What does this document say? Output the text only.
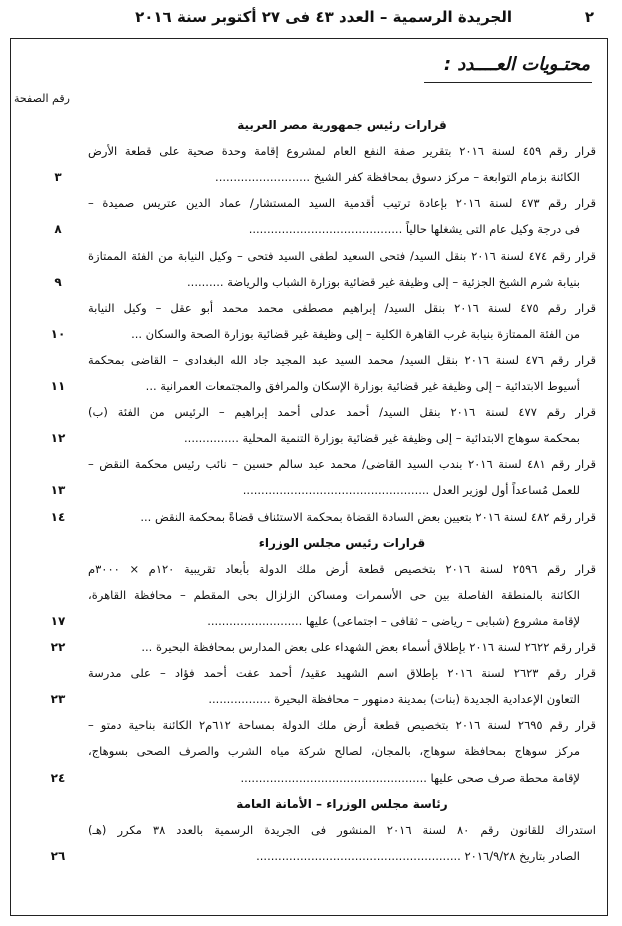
٢
الجريدة الرسمية – العدد ٤٣ فى ٢٧ أكتوبر سنة ٢٠١٦
محتـويات العــــدد :
رقم الصفحة
قرارات رئيس جمهورية مصر العربية
قرار رقم ٤٥٩ لسنة ٢٠١٦ بتقرير صفة النفع العام لمشروع إقامة وحدة صحية على قطعة الأرض
الكائنة بزمام التوابعة – مركز دسوق بمحافظة كفر الشيخ ..........................
٣
قرار رقم ٤٧٣ لسنة ٢٠١٦ بإعادة ترتيب أقدمية السيد المستشار/ عماد الدين عتريس صميدة –
فى درجة وكيل عام التى يشغلها حالياً ..........................................
٨
قرار رقم ٤٧٤ لسنة ٢٠١٦ بنقل السيد/ فتحى السعيد لطفى السيد فتحى – وكيل النيابة من الفئة الممتازة
بنيابة شرم الشيخ الجزئية – إلى وظيفة غير قضائية بوزارة الشباب والرياضة ..........
٩
قرار رقم ٤٧٥ لسنة ٢٠١٦ بنقل السيد/ إبراهيم مصطفى محمد محمد أبو عقل – وكيل النيابة
من الفئة الممتازة بنيابة غرب القاهرة الكلية – إلى وظيفة غير قضائية بوزارة الصحة والسكان ...
١٠
قرار رقم ٤٧٦ لسنة ٢٠١٦ بنقل السيد/ محمد السيد عبد المجيد جاد الله البغدادى – القاضى بمحكمة
أسيوط الابتدائية – إلى وظيفة غير قضائية بوزارة الإسكان والمرافق والمجتمعات العمرانية ...
١١
قرار رقم ٤٧٧ لسنة ٢٠١٦ بنقل السيد/ أحمد عدلى أحمد إبراهيم – الرئيس من الفئة (ب)
بمحكمة سوهاج الابتدائية – إلى وظيفة غير قضائية بوزارة التنمية المحلية ...............
١٢
قرار رقم ٤٨١ لسنة ٢٠١٦ بندب السيد القاضى/ محمد عبد سالم حسين – نائب رئيس محكمة النقض –
للعمل مُساعداً أول لوزير العدل ...................................................
١٣
قرار رقم ٤٨٢ لسنة ٢٠١٦ بتعيين بعض السادة القضاة بمحكمة الاستئناف قضاةً بمحكمة النقض ...
١٤
قرارات رئيس مجلس الوزراء
قرار رقم ٢٥٩٦ لسنة ٢٠١٦ بتخصيص قطعة أرض ملك الدولة بأبعاد تقريبية ١٢٠م × ٣٠٠٠م
الكائنة بالمنطقة الفاصلة بين حى الأسمرات ومساكن الزلزال بحى المقطم – محافظة القاهرة،
لإقامة مشروع (شبابى – رياضى – ثقافى – اجتماعى) عليها ..........................
١٧
قرار رقم ٢٦٢٢ لسنة ٢٠١٦ بإطلاق أسماء بعض الشهداء على بعض المدارس بمحافظة البحيرة ...
٢٢
قرار رقم ٢٦٢٣ لسنة ٢٠١٦ بإطلاق اسم الشهيد عقيد/ أحمد عفت أحمد فؤاد – على مدرسة
التعاون الإعدادية الجديدة (بنات) بمدينة دمنهور – محافظة البحيرة .................
٢٣
قرار رقم ٢٦٩٥ لسنة ٢٠١٦ بتخصيص قطعة أرض ملك الدولة بمساحة ٦١٢م٢ الكائنة بناحية دمتو –
مركز سوهاج بمحافظة سوهاج، بالمجان، لصالح شركة مياه الشرب والصرف الصحى بسوهاج،
لإقامة محطة صرف صحى عليها ...................................................
٢٤
رئاسة مجلس الوزراء – الأمانة العامة
استدراك للقانون رقم ٨٠ لسنة ٢٠١٦ المنشور فى الجريدة الرسمية بالعدد ٣٨ مكرر (هـ)
الصادر بتاريخ ٢٠١٦/٩/٢٨ ........................................................
٢٦
